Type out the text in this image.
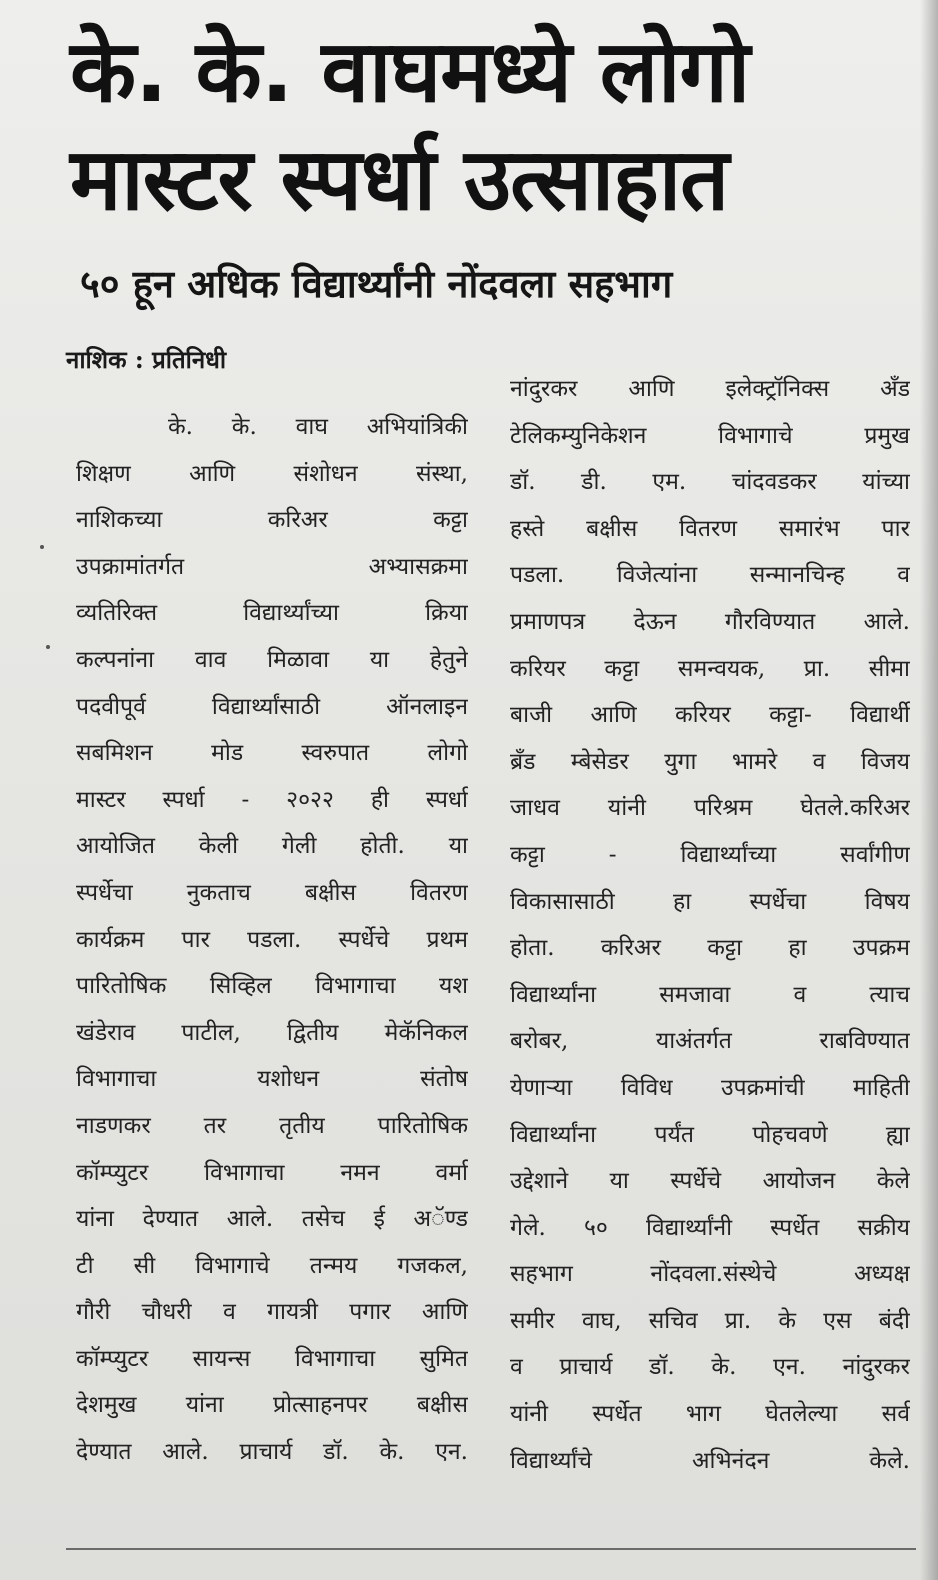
के. के. वाघमध्ये लोगो
मास्टर स्पर्धा उत्साहात
५० हून अधिक विद्यार्थ्यांनी नोंदवला सहभाग
नाशिक : प्रतिनिधी
के. के. वाघ अभियांत्रिकी
शिक्षण आणि संशोधन संस्था,
नाशिकच्या करिअर कट्टा
उपक्रामांतर्गत अभ्यासक्रमा
व्यतिरिक्त विद्यार्थ्यांच्या क्रिया
कल्पनांना वाव मिळावा या हेतुने
पदवीपूर्व विद्यार्थ्यांसाठी ऑनलाइन
सबमिशन मोड स्वरुपात लोगो
मास्टर स्पर्धा - २०२२ ही स्पर्धा
आयोजित केली गेली होती. या
स्पर्धेचा नुकताच बक्षीस वितरण
कार्यक्रम पार पडला. स्पर्धेचे प्रथम
पारितोषिक सिव्हिल विभागाचा यश
खंडेराव पाटील, द्वितीय मेकॅनिकल
विभागाचा यशोधन संतोष
नाडणकर तर तृतीय पारितोषिक
कॉम्प्युटर विभागाचा नमन वर्मा
यांना देण्यात आले. तसेच ई अॅण्ड
टी सी विभागाचे तन्मय गजकल,
गौरी चौधरी व गायत्री पगार आणि
कॉम्प्युटर सायन्स विभागाचा सुमित
देशमुख यांना प्रोत्साहनपर बक्षीस
देण्यात आले. प्राचार्य डॉ. के. एन.
नांदुरकर आणि इलेक्ट्रॉनिक्स अँड
टेलिकम्युनिकेशन विभागाचे प्रमुख
डॉ. डी. एम. चांदवडकर यांच्या
हस्ते बक्षीस वितरण समारंभ पार
पडला. विजेत्यांना सन्मानचिन्ह व
प्रमाणपत्र देऊन गौरविण्यात आले.
करियर कट्टा समन्वयक, प्रा. सीमा
बाजी आणि करियर कट्टा- विद्यार्थी
ब्रँड म्बेसेडर युगा भामरे व विजय
जाधव यांनी परिश्रम घेतले.करिअर
कट्टा - विद्यार्थ्यांच्या सर्वांगीण
विकासासाठी हा स्पर्धेचा विषय
होता. करिअर कट्टा हा उपक्रम
विद्यार्थ्यांना समजावा व त्याच
बरोबर, याअंतर्गत राबविण्यात
येणाऱ्या विविध उपक्रमांची माहिती
विद्यार्थ्यांना पर्यंत पोहचवणे ह्या
उद्देशाने या स्पर्धेचे आयोजन केले
गेले. ५० विद्यार्थ्यांनी स्पर्धेत सक्रीय
सहभाग नोंदवला.संस्थेचे अध्यक्ष
समीर वाघ, सचिव प्रा. के एस बंदी
व प्राचार्य डॉ. के. एन. नांदुरकर
यांनी स्पर्धेत भाग घेतलेल्या सर्व
विद्यार्थ्यांचे अभिनंदन केले.
